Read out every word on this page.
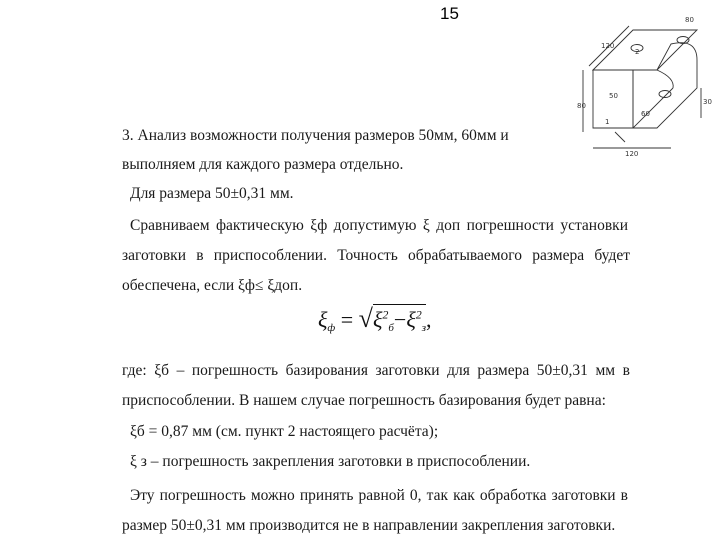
15
120
80
80
50
60
120
30
1
2
3. Анализ возможности получения размеров 50мм, 60мм и
выполняем для каждого размера отдельно.
Для размера 50±0,31 мм.
Сравниваем фактическую ξф допустимую ξ доп погрешности установки
заготовки в приспособлении. Точность обрабатываемого размера будет
обеспечена, если ξф≤ ξдоп.
$\xi_ф = √\xi^2_б-\xi^2_з$,
где: ξб – погрешность базирования заготовки для размера 50±0,31 мм в
приспособлении. В нашем случае погрешность базирования будет равна:
ξб = 0,87 мм (см. пункт 2 настоящего расчёта);
ξ з – погрешность закрепления заготовки в приспособлении.
Эту погрешность можно принять равной 0, так как обработка заготовки в
размер 50±0,31 мм производится не в направлении закрепления заготовки.
